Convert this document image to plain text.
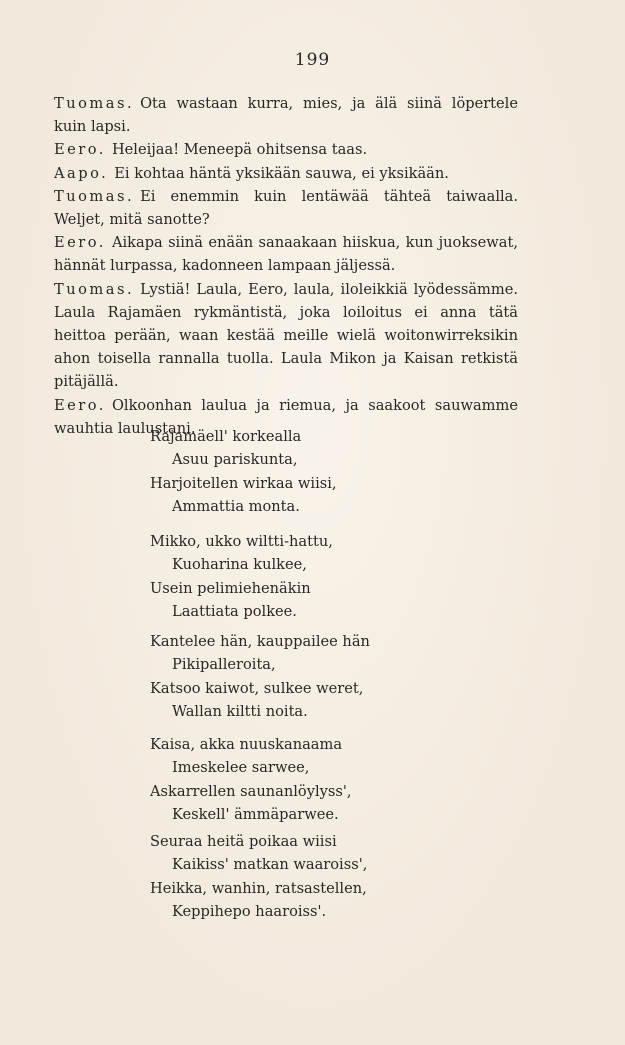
199

Tuomas. Ota wastaan kurra, mies, ja älä siinä löpertele kuin lapsi.

Eero. Heleijaa! Meneepä ohitsensa taas.

Aapo. Ei kohtaa häntä yksikään sauwa, ei yksikään.

Tuomas. Ei enemmin kuin lentäwää tähteä taiwaalla. Weljet, mitä sanotte?

Eero. Aikapa siinä enään sanaakaan hiiskua, kun juoksewat, hännät lurpassa, kadonneen lampaan jäljessä.

Tuomas. Lystiä! Laula, Eero, laula, iloleikkiä lyödessämme. Laula Rajamäen rykmäntistä, joka loiloitus ei anna tätä heittoa perään, waan kestää meille wielä woitonwirreksikin ahon toisella rannalla tuolla. Laula Mikon ja Kaisan retkistä pitäjällä.

Eero. Olkoonhan laulua ja riemua, ja saakoot sauwamme wauhtia laulustani.

Rajamäell' korkealla
Asuu pariskunta,
Harjoitellen wirkaa wiisi,
Ammattia monta.
Mikko, ukko wiltti-hattu,
Kuoharina kulkee,
Usein pelimiehenäkin
Laattiata polkee.
Kantelee hän, kauppailee hän
Pikipalleroita,
Katsoo kaiwot, sulkee weret,
Wallan kiltti noita.
Kaisa, akka nuuskanaama
Imeskelee sarwee,
Askarrellen saunanlöylyss',
Keskell' ämmäparwee.
Seuraa heitä poikaa wiisi
Kaikiss' matkan waaroiss',
Heikka, wanhin, ratsastellen,
Keppihepo haaroiss'.
